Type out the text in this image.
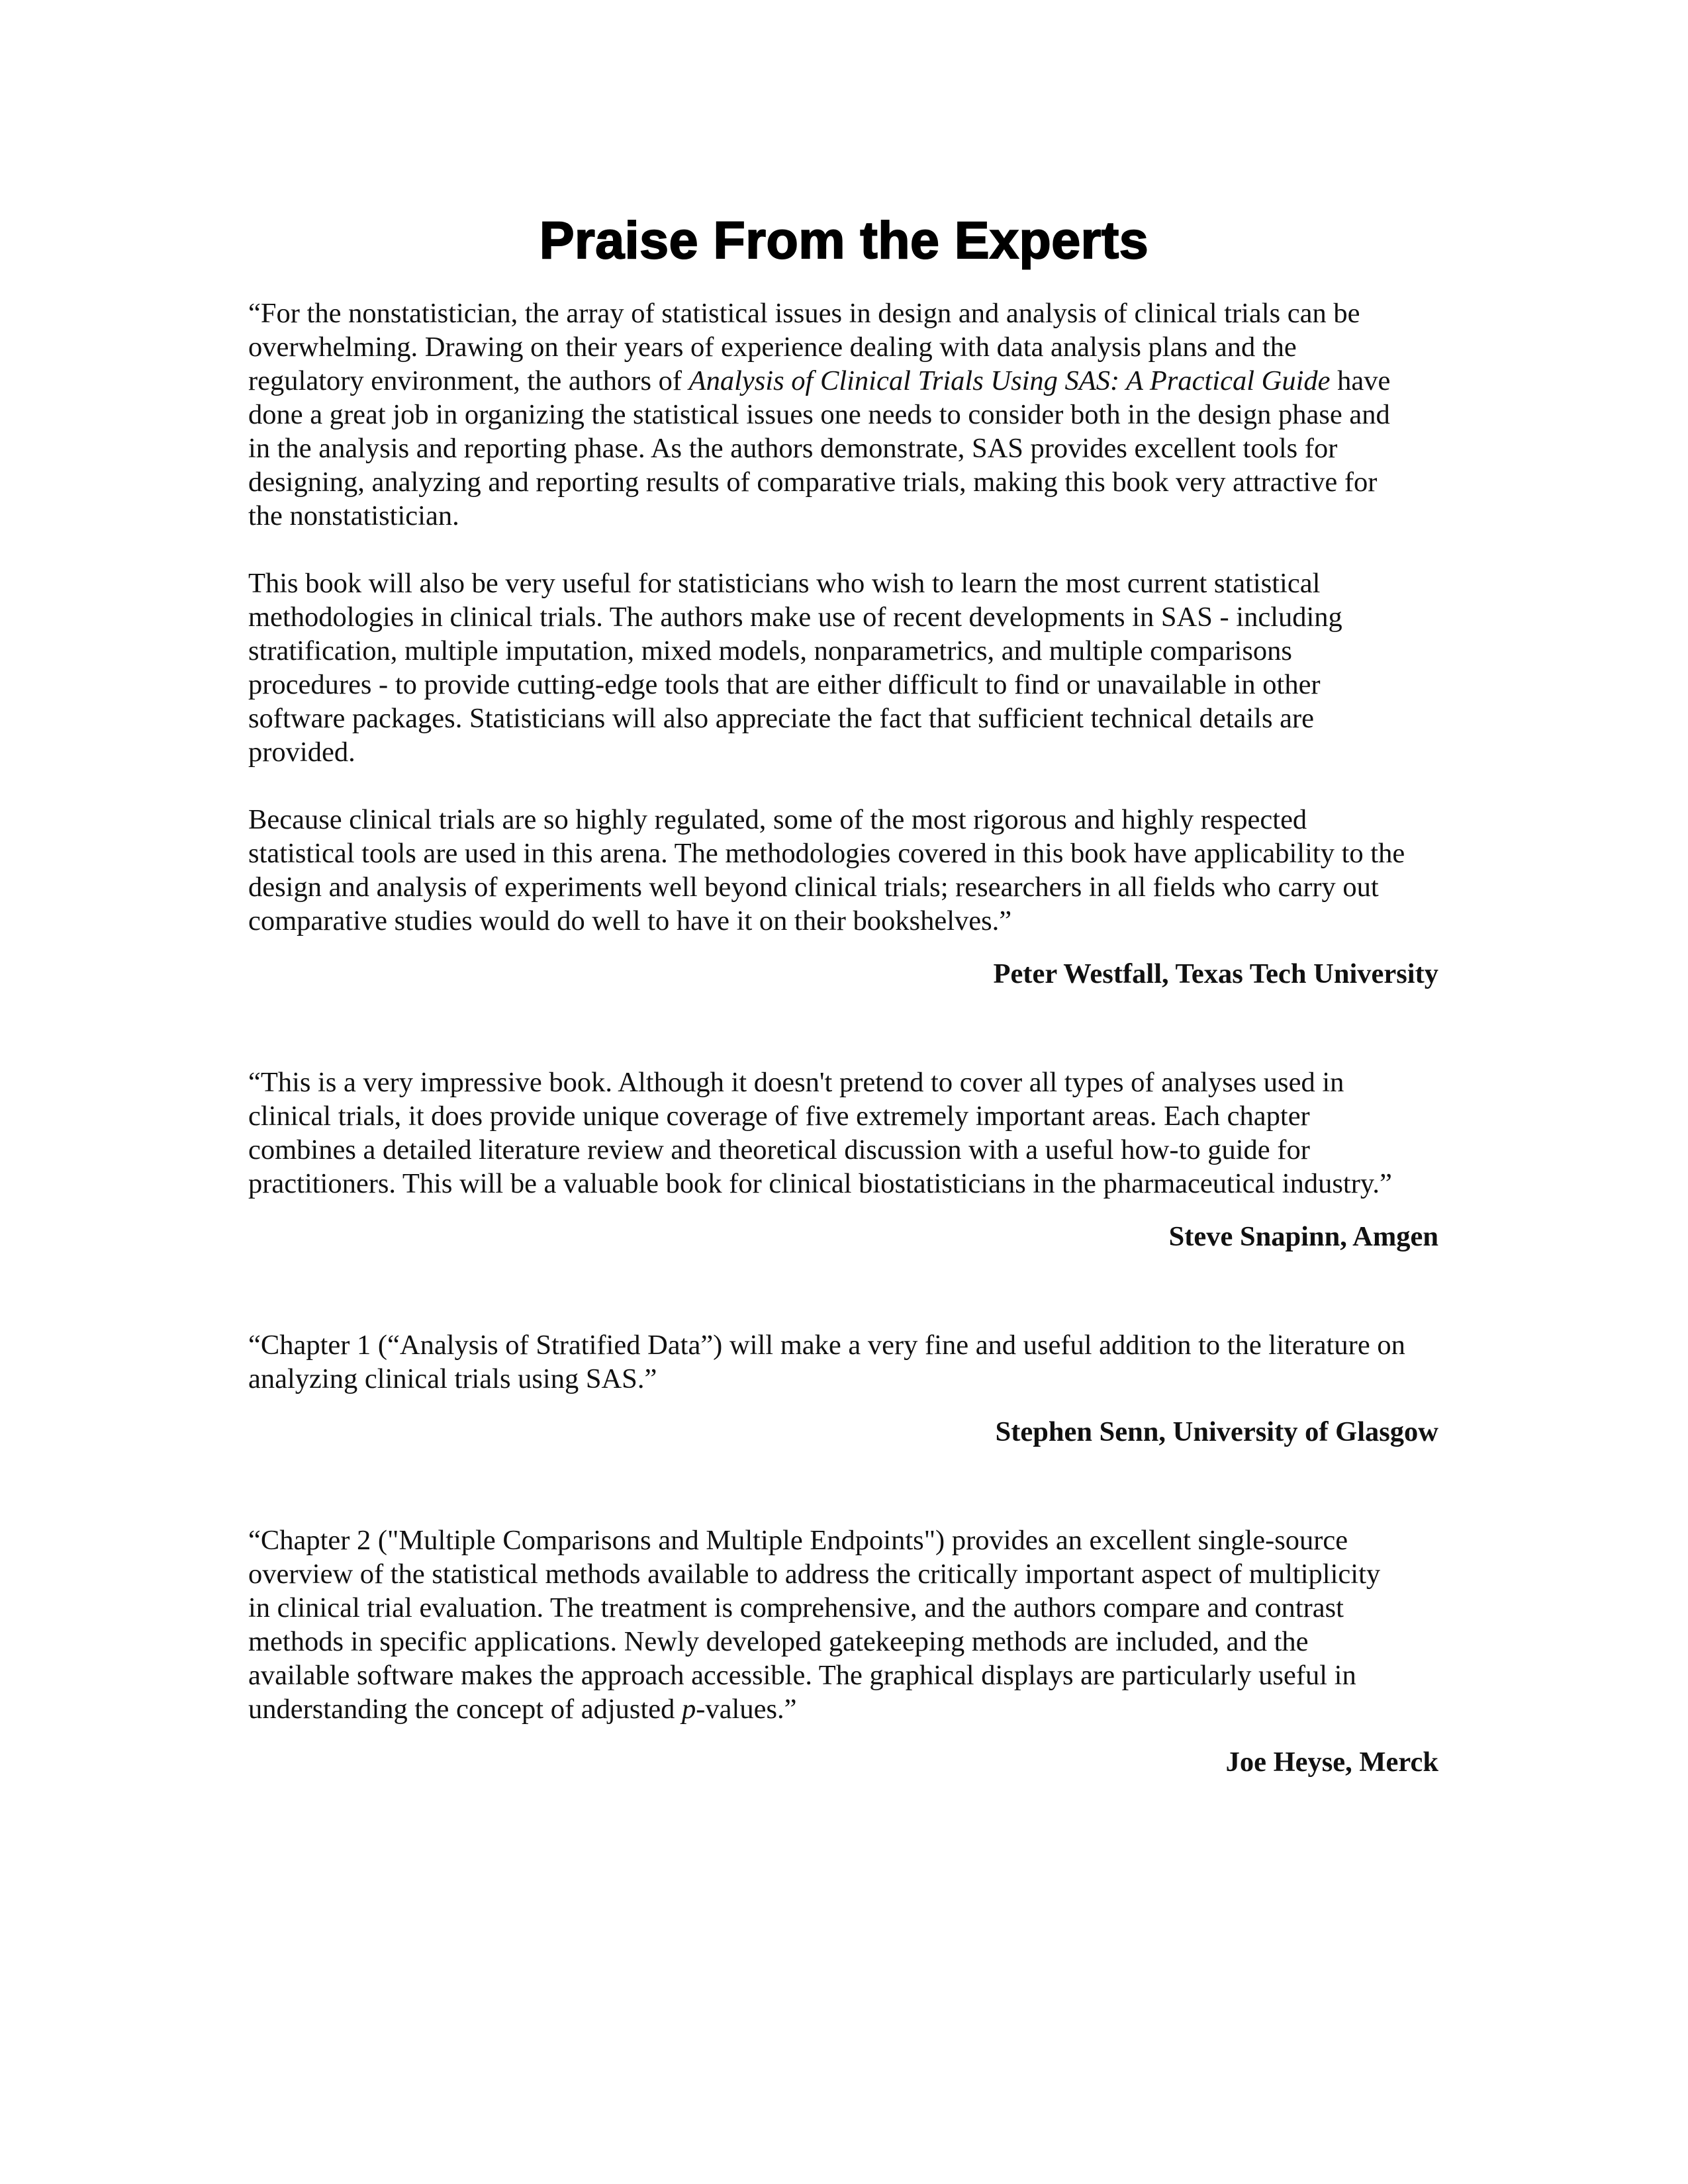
Praise From the Experts

“For the nonstatistician, the array of statistical issues in design and analysis of clinical trials can be
overwhelming. Drawing on their years of experience dealing with data analysis plans and the
regulatory environment, the authors of Analysis of Clinical Trials Using SAS: A Practical Guide have
done a great job in organizing the statistical issues one needs to consider both in the design phase and
in the analysis and reporting phase. As the authors demonstrate, SAS provides excellent tools for
designing, analyzing and reporting results of comparative trials, making this book very attractive for
the nonstatistician.

This book will also be very useful for statisticians who wish to learn the most current statistical
methodologies in clinical trials. The authors make use of recent developments in SAS - including
stratification, multiple imputation, mixed models, nonparametrics, and multiple comparisons
procedures - to provide cutting-edge tools that are either difficult to find or unavailable in other
software packages. Statisticians will also appreciate the fact that sufficient technical details are
provided.

Because clinical trials are so highly regulated, some of the most rigorous and highly respected
statistical tools are used in this arena. The methodologies covered in this book have applicability to the
design and analysis of experiments well beyond clinical trials; researchers in all fields who carry out
comparative studies would do well to have it on their bookshelves.”

Peter Westfall, Texas Tech University

“This is a very impressive book. Although it doesn't pretend to cover all types of analyses used in
clinical trials, it does provide unique coverage of five extremely important areas. Each chapter
combines a detailed literature review and theoretical discussion with a useful how-to guide for
practitioners. This will be a valuable book for clinical biostatisticians in the pharmaceutical industry.”

Steve Snapinn, Amgen

“Chapter 1 (“Analysis of Stratified Data”) will make a very fine and useful addition to the literature on
analyzing clinical trials using SAS.”

Stephen Senn, University of Glasgow

“Chapter 2 ("Multiple Comparisons and Multiple Endpoints") provides an excellent single-source
overview of the statistical methods available to address the critically important aspect of multiplicity
in clinical trial evaluation. The treatment is comprehensive, and the authors compare and contrast
methods in specific applications. Newly developed gatekeeping methods are included, and the
available software makes the approach accessible. The graphical displays are particularly useful in
understanding the concept of adjusted p-values.”

Joe Heyse, Merck
